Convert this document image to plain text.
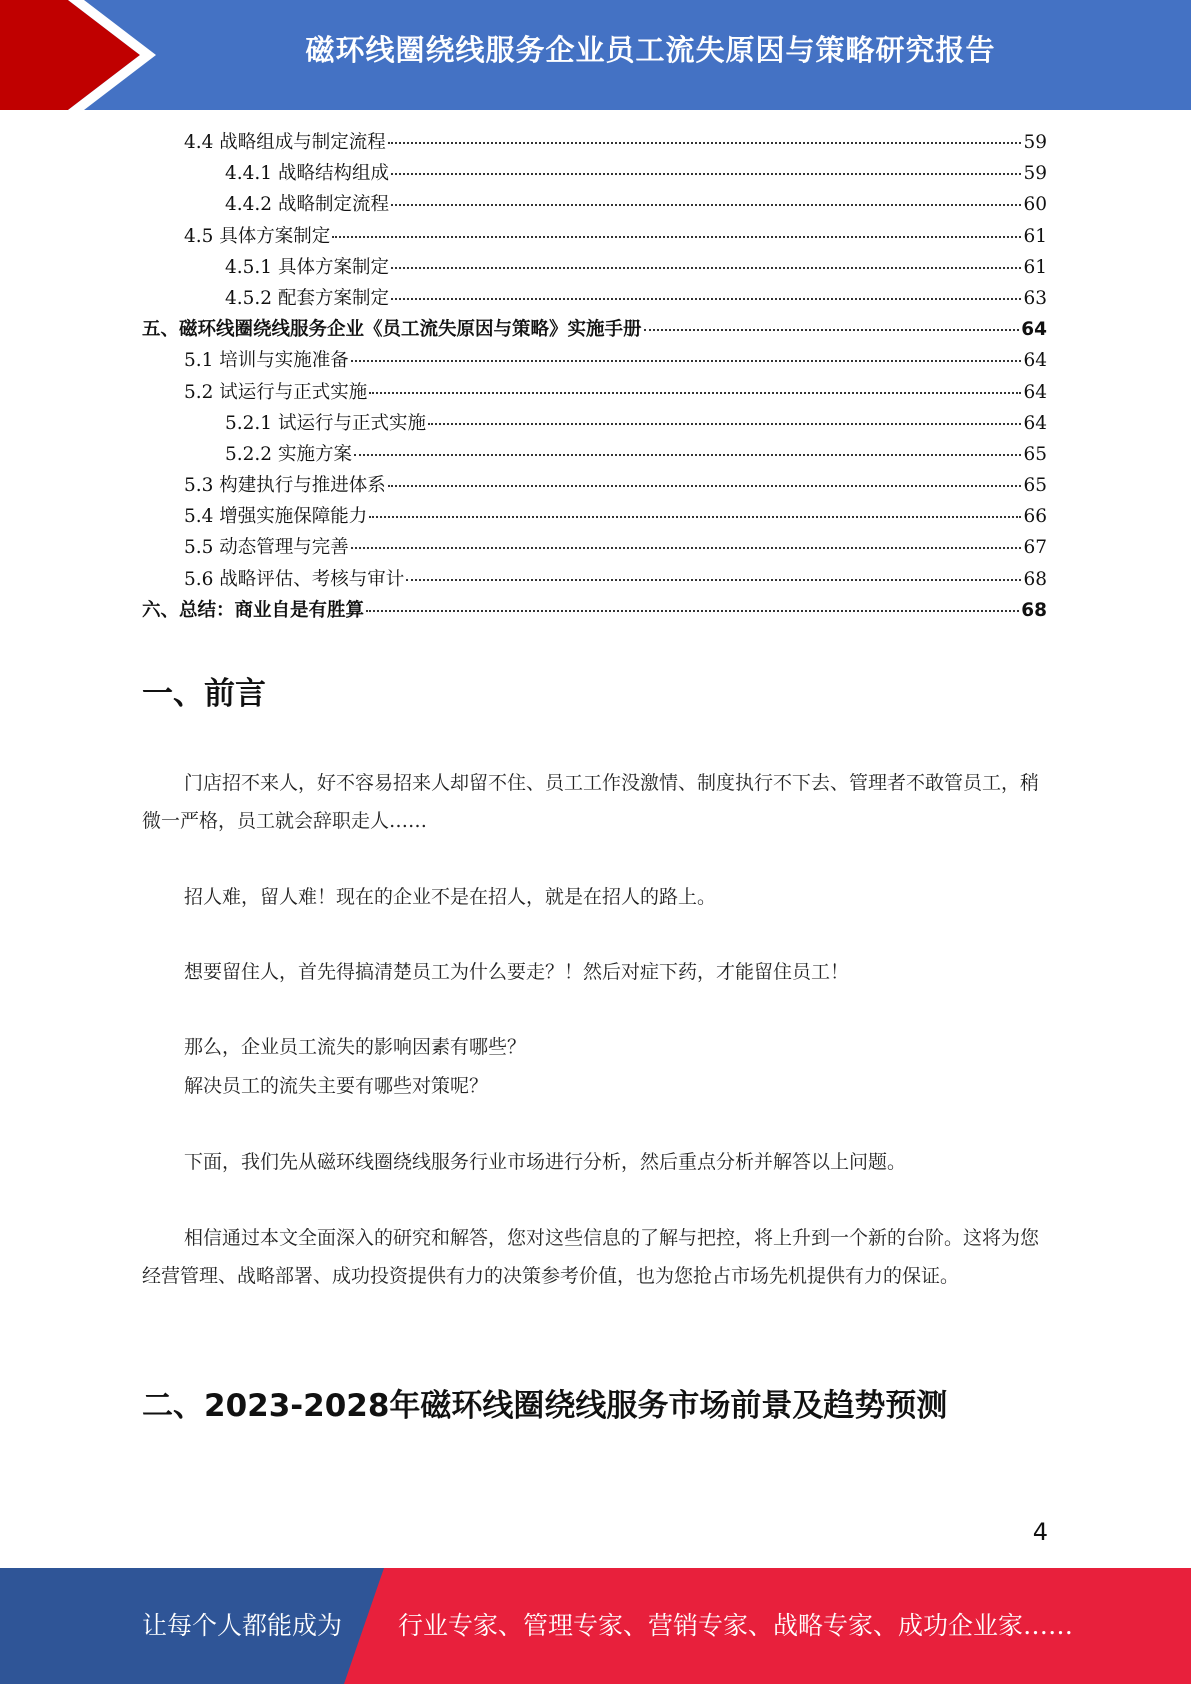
磁环线圈绕线服务企业员工流失原因与策略研究报告
4.4 战略组成与制定流程	59
4.4.1 战略结构组成	59
4.4.2 战略制定流程	60
4.5 具体方案制定	61
4.5.1 具体方案制定	61
4.5.2 配套方案制定	63
五、磁环线圈绕线服务企业《员工流失原因与策略》实施手册	64
5.1 培训与实施准备	64
5.2 试运行与正式实施	64
5.2.1 试运行与正式实施	64
5.2.2 实施方案	65
5.3 构建执行与推进体系	65
5.4 增强实施保障能力	66
5.5 动态管理与完善	67
5.6 战略评估、考核与审计	68
六、总结：商业自是有胜算	68
一、前言

门店招不来人，好不容易招来人却留不住、员工工作没激情、制度执行不下去、管理者不敢管员工，稍微一严格，员工就会辞职走人……

招人难，留人难！现在的企业不是在招人，就是在招人的路上。

想要留住人，首先得搞清楚员工为什么要走？！然后对症下药，才能留住员工！

那么，企业员工流失的影响因素有哪些？

解决员工的流失主要有哪些对策呢？

下面，我们先从磁环线圈绕线服务行业市场进行分析，然后重点分析并解答以上问题。

相信通过本文全面深入的研究和解答，您对这些信息的了解与把控，将上升到一个新的台阶。这将为您经营管理、战略部署、成功投资提供有力的决策参考价值，也为您抢占市场先机提供有力的保证。

二、2023-2028年磁环线圈绕线服务市场前景及趋势预测
4
让每个人都能成为 行业专家、管理专家、营销专家、战略专家、成功企业家……
